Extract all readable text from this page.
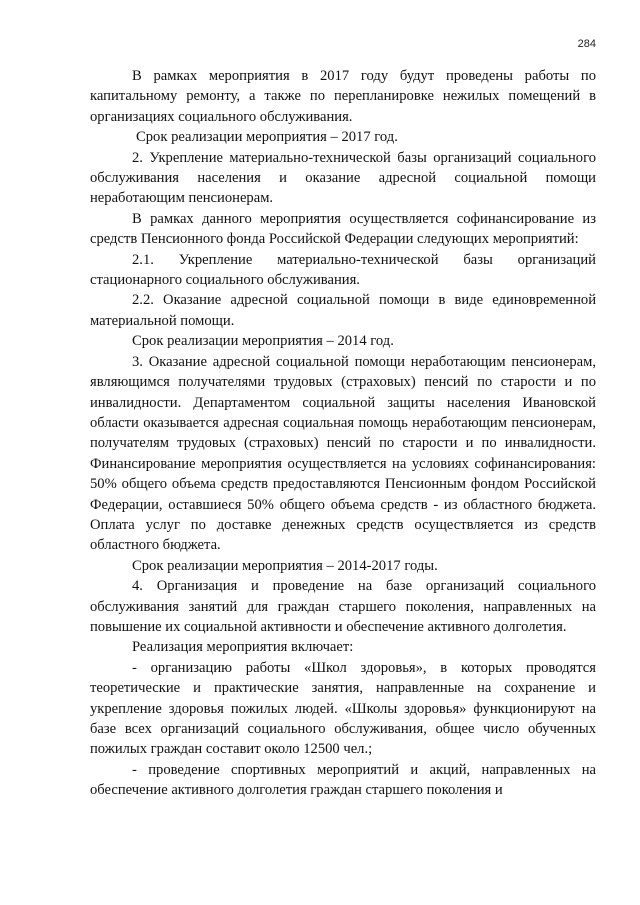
284

В рамках мероприятия в 2017 году будут проведены работы по капитальному ремонту, а также по перепланировке нежилых помещений в организациях социального обслуживания.

Срок реализации мероприятия – 2017 год.

2. Укрепление материально-технической базы организаций социального обслуживания населения и оказание адресной социальной помощи неработающим пенсионерам.

В рамках данного мероприятия осуществляется софинансирование из средств Пенсионного фонда Российской Федерации следующих мероприятий:

2.1. Укрепление материально-технической базы организаций стационарного социального обслуживания.

2.2. Оказание адресной социальной помощи в виде единовременной материальной помощи.

Срок реализации мероприятия – 2014 год.

3. Оказание адресной социальной помощи неработающим пенсионерам, являющимся получателями трудовых (страховых) пенсий по старости и по инвалидности. Департаментом социальной защиты населения Ивановской области оказывается адресная социальная помощь неработающим пенсионерам, получателям трудовых (страховых) пенсий по старости и по инвалидности. Финансирование мероприятия осуществляется на условиях софинансирования: 50% общего объема средств предоставляются Пенсионным фондом Российской Федерации, оставшиеся 50% общего объема средств - из областного бюджета. Оплата услуг по доставке денежных средств осуществляется из средств областного бюджета.

Срок реализации мероприятия – 2014-2017 годы.

4. Организация и проведение на базе организаций социального обслуживания занятий для граждан старшего поколения, направленных на повышение их социальной активности и обеспечение активного долголетия.

Реализация мероприятия включает:

- организацию работы «Школ здоровья», в которых проводятся теоретические и практические занятия, направленные на сохранение и укрепление здоровья пожилых людей. «Школы здоровья» функционируют на базе всех организаций социального обслуживания, общее число обученных пожилых граждан составит около 12500 чел.;

- проведение спортивных мероприятий и акций, направленных на обеспечение активного долголетия граждан старшего поколения и
